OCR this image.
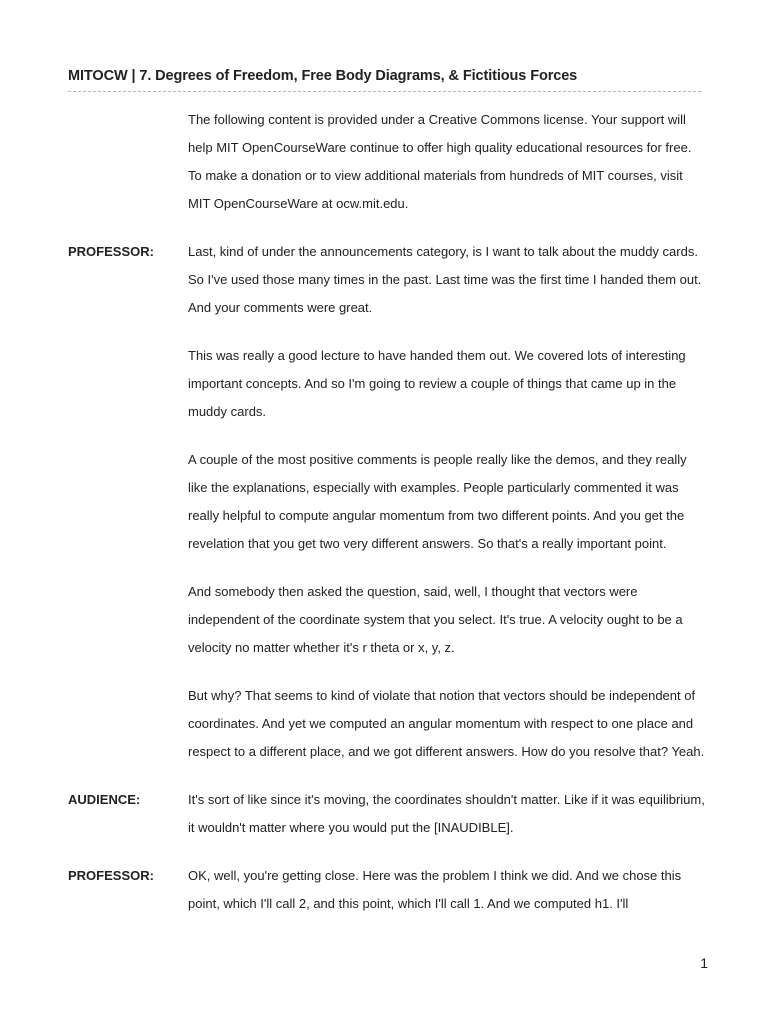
MITOCW | 7. Degrees of Freedom, Free Body Diagrams, & Fictitious Forces

The following content is provided under a Creative Commons license. Your support will help MIT OpenCourseWare continue to offer high quality educational resources for free. To make a donation or to view additional materials from hundreds of MIT courses, visit MIT OpenCourseWare at ocw.mit.edu.

PROFESSOR:	Last, kind of under the announcements category, is I want to talk about the muddy cards. So I've used those many times in the past. Last time was the first time I handed them out. And your comments were great.

This was really a good lecture to have handed them out. We covered lots of interesting important concepts. And so I'm going to review a couple of things that came up in the muddy cards.

A couple of the most positive comments is people really like the demos, and they really like the explanations, especially with examples. People particularly commented it was really helpful to compute angular momentum from two different points. And you get the revelation that you get two very different answers. So that's a really important point.

And somebody then asked the question, said, well, I thought that vectors were independent of the coordinate system that you select. It's true. A velocity ought to be a velocity no matter whether it's r theta or x, y, z.

But why? That seems to kind of violate that notion that vectors should be independent of coordinates. And yet we computed an angular momentum with respect to one place and respect to a different place, and we got different answers. How do you resolve that? Yeah.

AUDIENCE:	It's sort of like since it's moving, the coordinates shouldn't matter. Like if it was equilibrium, it wouldn't matter where you would put the [INAUDIBLE].

PROFESSOR:	OK, well, you're getting close. Here was the problem I think we did. And we chose this point, which I'll call 2, and this point, which I'll call 1. And we computed h1. I'll

1
